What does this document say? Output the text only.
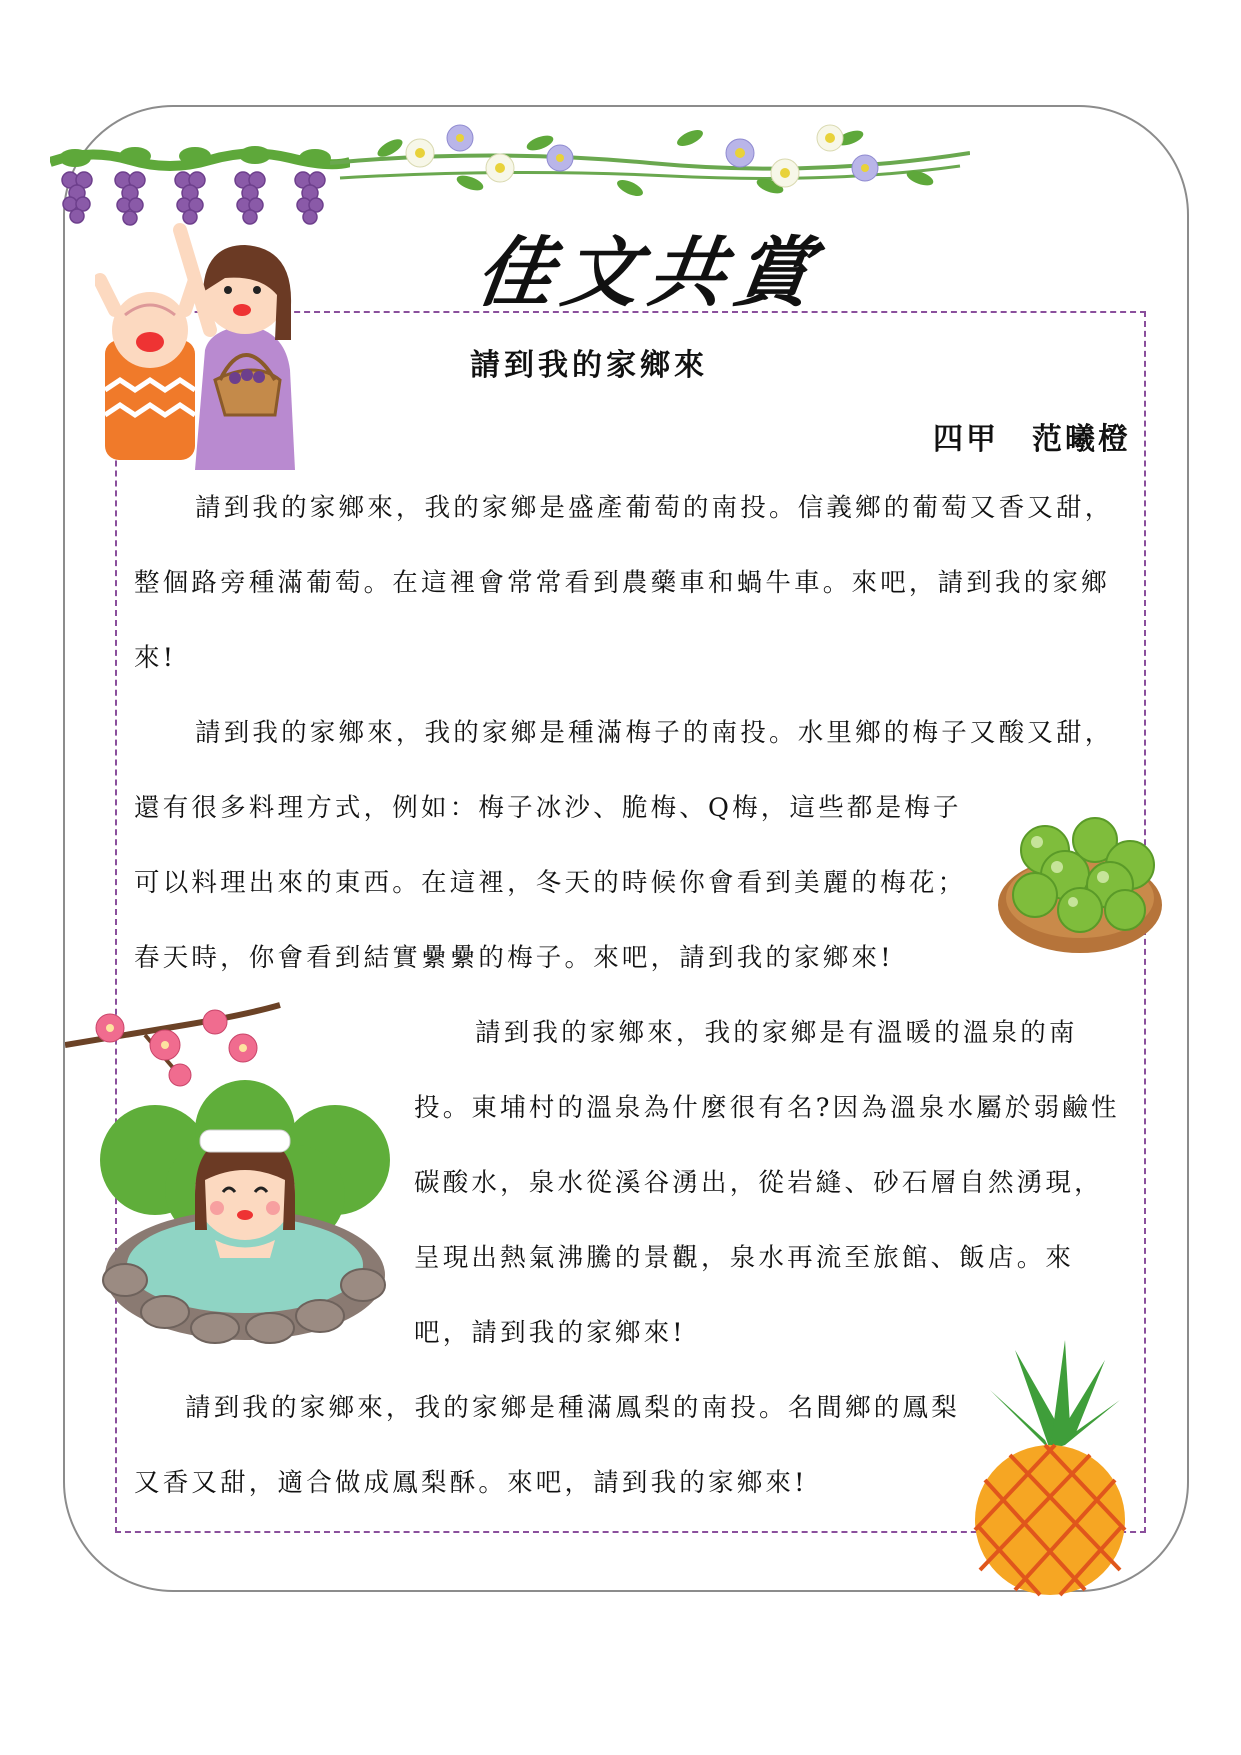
佳文共賞
請到我的家鄉來
四甲　范曦橙
請到我的家鄉來，我的家鄉是盛產葡萄的南投。信義鄉的葡萄又香又甜，
整個路旁種滿葡萄。在這裡會常常看到農藥車和蝸牛車。來吧，請到我的家鄉
來!
請到我的家鄉來，我的家鄉是種滿梅子的南投。水里鄉的梅子又酸又甜，
還有很多料理方式，例如：梅子冰沙、脆梅、Q梅，這些都是梅子
可以料理出來的東西。在這裡，冬天的時候你會看到美麗的梅花；
春天時，你會看到結實纍纍的梅子。來吧，請到我的家鄉來!
請到我的家鄉來，我的家鄉是有溫暖的溫泉的南
投。東埔村的溫泉為什麼很有名?因為溫泉水屬於弱鹼性
碳酸水，泉水從溪谷湧出，從岩縫、砂石層自然湧現，
呈現出熱氣沸騰的景觀，泉水再流至旅館、飯店。來
吧，請到我的家鄉來!
請到我的家鄉來，我的家鄉是種滿鳳梨的南投。名間鄉的鳳梨
又香又甜，適合做成鳳梨酥。來吧，請到我的家鄉來!
